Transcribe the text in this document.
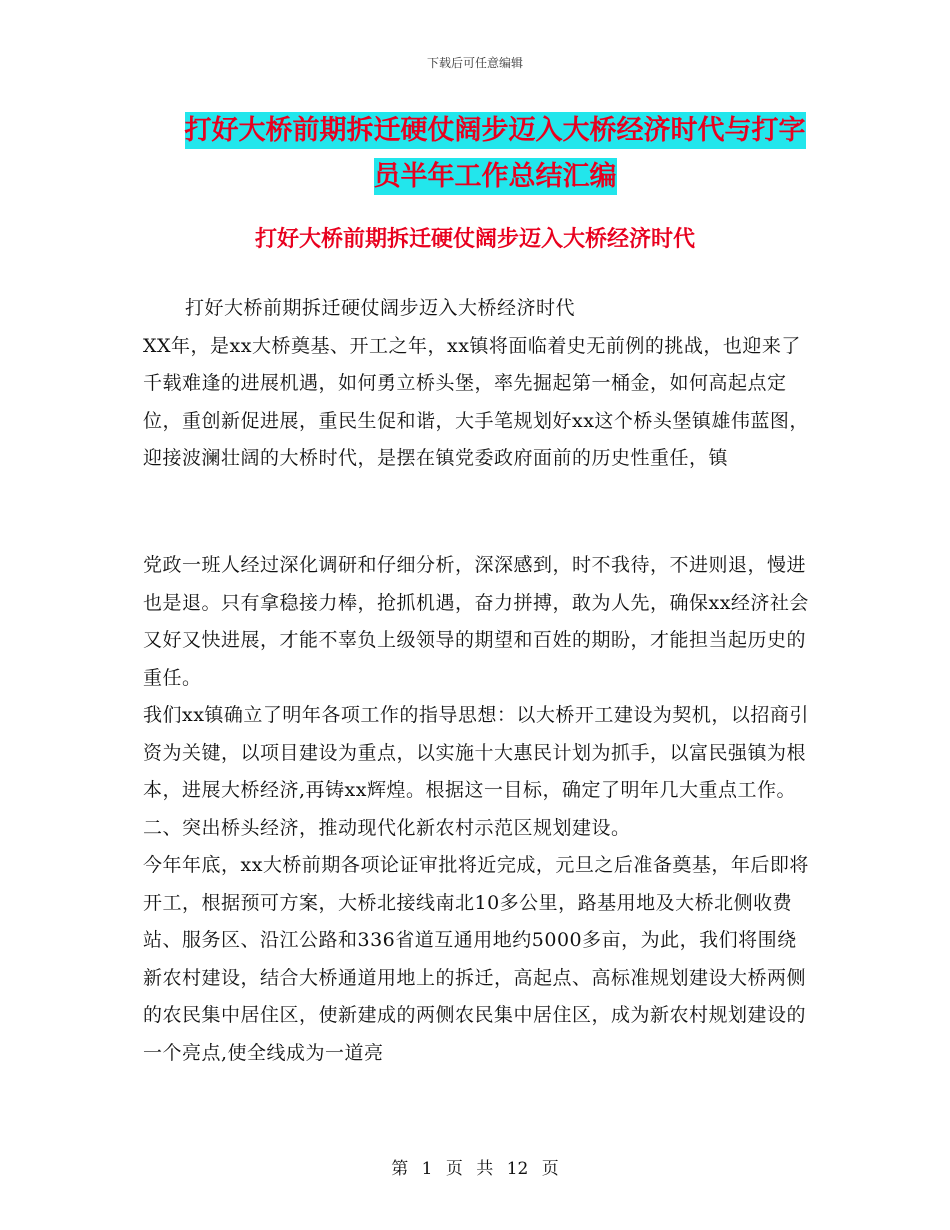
下载后可任意编辑
打好大桥前期拆迁硬仗阔步迈入大桥经济时代与打字
员半年工作总结汇编
打好大桥前期拆迁硬仗阔步迈入大桥经济时代

打好大桥前期拆迁硬仗阔步迈入大桥经济时代

XX年，是xx大桥奠基、开工之年，xx镇将面临着史无前例的挑战，也迎来了千载难逢的进展机遇，如何勇立桥头堡，率先掘起第一桶金，如何高起点定位，重创新促进展，重民生促和谐，大手笔规划好xx这个桥头堡镇雄伟蓝图，迎接波澜壮阔的大桥时代，是摆在镇党委政府面前的历史性重任，镇

党政一班人经过深化调研和仔细分析，深深感到，时不我待，不进则退，慢进也是退。只有拿稳接力棒，抢抓机遇，奋力拼搏，敢为人先，确保xx经济社会又好又快进展，才能不辜负上级领导的期望和百姓的期盼，才能担当起历史的重任。

我们xx镇确立了明年各项工作的指导思想：以大桥开工建设为契机，以招商引资为关键，以项目建设为重点，以实施十大惠民计划为抓手，以富民强镇为根本，进展大桥经济,再铸xx辉煌。根据这一目标，确定了明年几大重点工作。二、突出桥头经济，推动现代化新农村示范区规划建设。

今年年底，xx大桥前期各项论证审批将近完成，元旦之后准备奠基，年后即将开工，根据预可方案，大桥北接线南北10多公里，路基用地及大桥北侧收费站、服务区、沿江公路和336省道互通用地约5000多亩，为此，我们将围绕新农村建设，结合大桥通道用地上的拆迁，高起点、高标准规划建设大桥两侧的农民集中居住区，使新建成的两侧农民集中居住区，成为新农村规划建设的一个亮点,使全线成为一道亮

第 1 页 共 12 页
